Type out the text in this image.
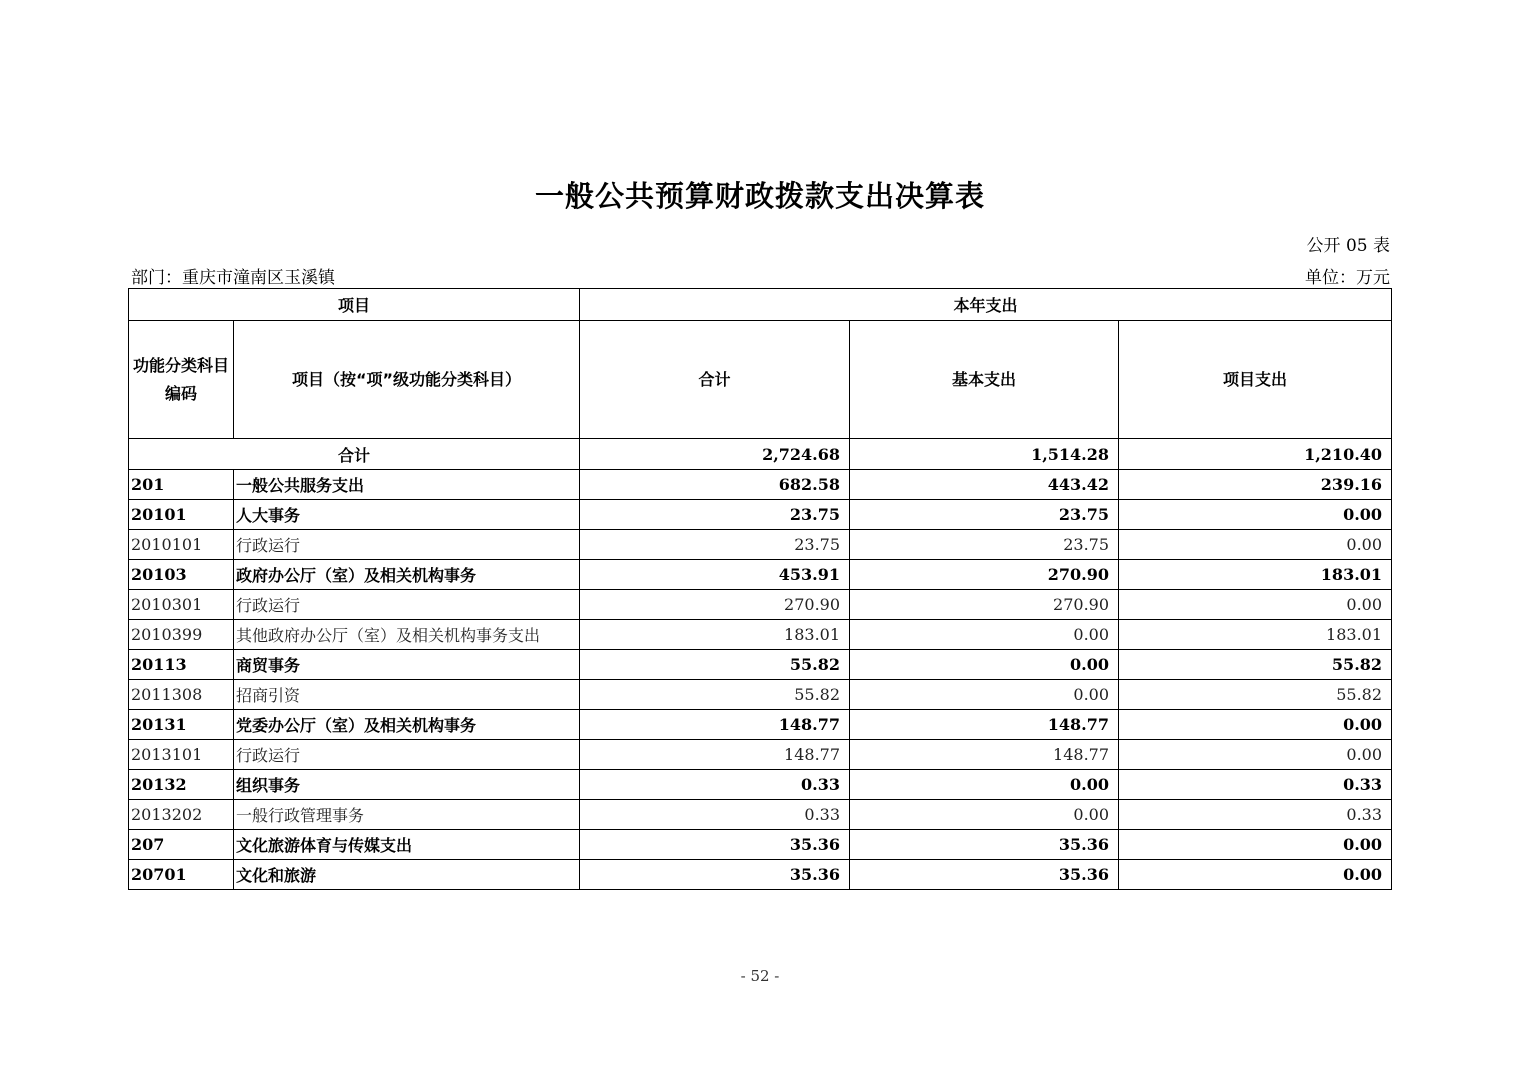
一般公共预算财政拨款支出决算表
公开 05 表
部门：重庆市潼南区玉溪镇	单位：万元
项目		本年支出		
功能分类科目编码	项目（按“项”级功能分类科目）	合计	基本支出	项目支出
合计		2,724.68	1,514.28	1,210.40
201	一般公共服务支出	682.58	443.42	239.16
20101	人大事务	23.75	23.75	0.00
2010101	行政运行	23.75	23.75	0.00
20103	政府办公厅（室）及相关机构事务	453.91	270.90	183.01
2010301	行政运行	270.90	270.90	0.00
2010399	其他政府办公厅（室）及相关机构事务支出	183.01	0.00	183.01
20113	商贸事务	55.82	0.00	55.82
2011308	招商引资	55.82	0.00	55.82
20131	党委办公厅（室）及相关机构事务	148.77	148.77	0.00
2013101	行政运行	148.77	148.77	0.00
20132	组织事务	0.33	0.00	0.33
2013202	一般行政管理事务	0.33	0.00	0.33
207	文化旅游体育与传媒支出	35.36	35.36	0.00
20701	文化和旅游	35.36	35.36	0.00
- 52 -
